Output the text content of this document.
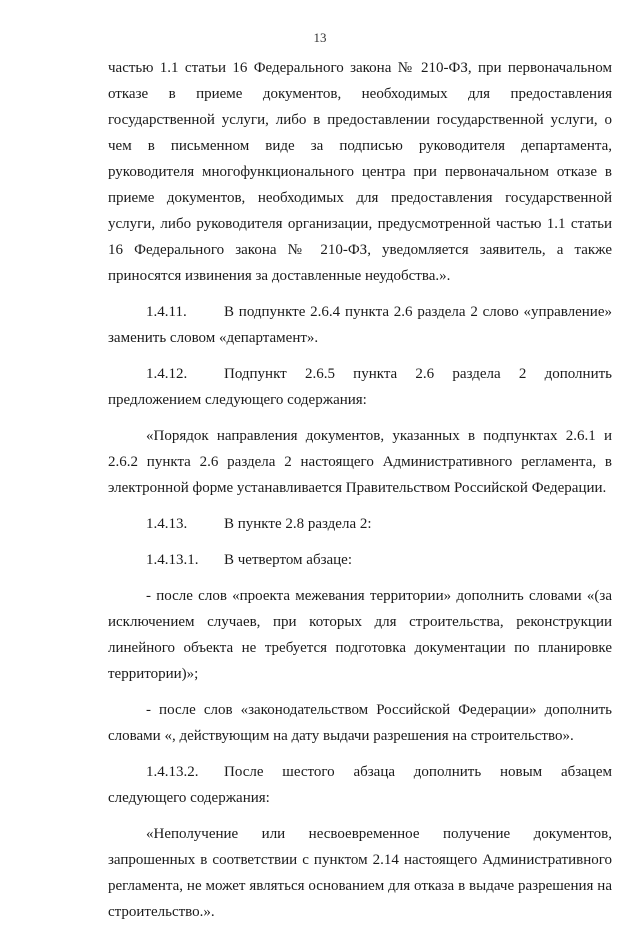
13

частью 1.1 статьи 16 Федерального закона № 210-ФЗ, при первоначальном отказе в приеме документов, необходимых для предоставления государственной услуги, либо в предоставлении государственной услуги, о чем в письменном виде за подписью руководителя департамента, руководителя многофункционального центра при первоначальном отказе в приеме документов, необходимых для предоставления государственной услуги, либо руководителя организации, предусмотренной частью 1.1 статьи 16 Федерального закона № 210-ФЗ, уведомляется заявитель, а также приносятся извинения за доставленные неудобства.».

1.4.11. В подпункте 2.6.4 пункта 2.6 раздела 2 слово «управление» заменить словом «департамент».

1.4.12. Подпункт 2.6.5 пункта 2.6 раздела 2 дополнить предложением следующего содержания:

«Порядок направления документов, указанных в подпунктах 2.6.1 и 2.6.2 пункта 2.6 раздела 2 настоящего Административного регламента, в электронной форме устанавливается Правительством Российской Федерации.

1.4.13. В пункте 2.8 раздела 2:

1.4.13.1. В четвертом абзаце:

- после слов «проекта межевания территории» дополнить словами «(за исключением случаев, при которых для строительства, реконструкции линейного объекта не требуется подготовка документации по планировке территории)»;

- после слов «законодательством Российской Федерации» дополнить словами «, действующим на дату выдачи разрешения на строительство».

1.4.13.2. После шестого абзаца дополнить новым абзацем следующего содержания:

«Неполучение или несвоевременное получение документов, запрошенных в соответствии с пунктом 2.14 настоящего Административного регламента, не может являться основанием для отказа в выдаче разрешения на строительство.».
